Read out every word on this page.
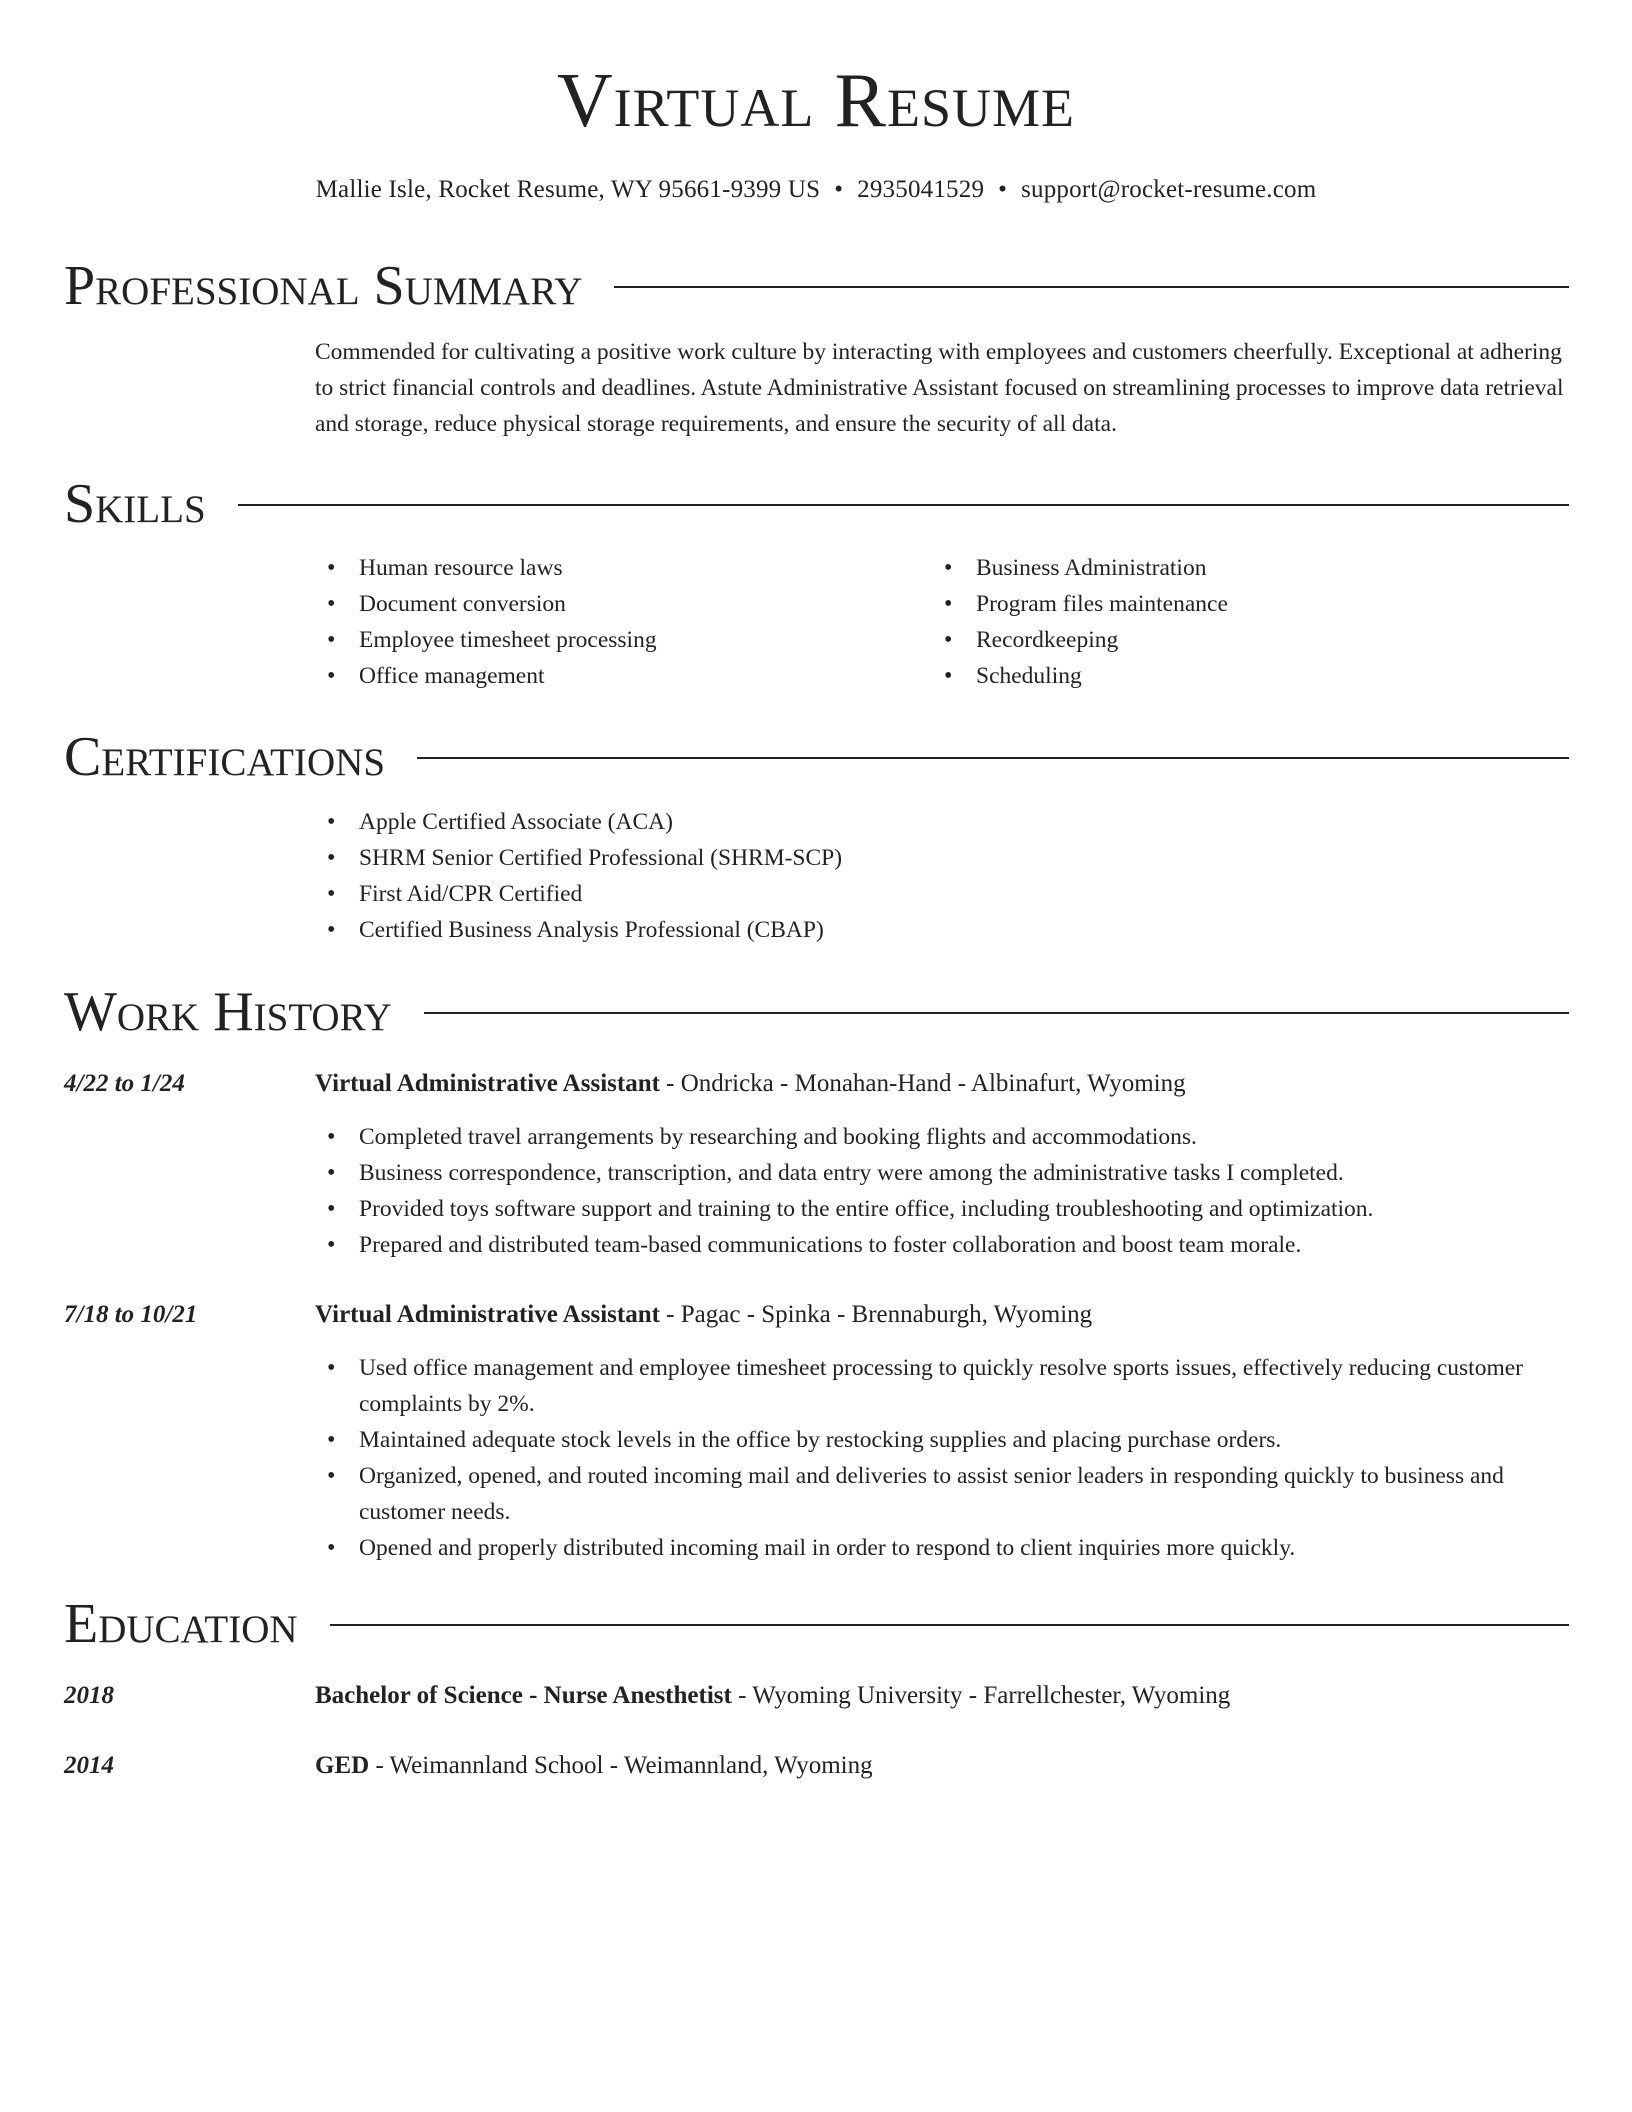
Virtual Resume
Mallie Isle, Rocket Resume, WY 95661-9399 US • 2935041529 • support@rocket-resume.com
Professional Summary
Commended for cultivating a positive work culture by interacting with employees and customers cheerfully. Exceptional at adhering to strict financial controls and deadlines. Astute Administrative Assistant focused on streamlining processes to improve data retrieval and storage, reduce physical storage requirements, and ensure the security of all data.
Skills
• Human resource laws
• Document conversion
• Employee timesheet processing
• Office management
• Business Administration
• Program files maintenance
• Recordkeeping
• Scheduling
Certifications
• Apple Certified Associate (ACA)
• SHRM Senior Certified Professional (SHRM-SCP)
• First Aid/CPR Certified
• Certified Business Analysis Professional (CBAP)
Work History
4/22 to 1/24	Virtual Administrative Assistant - Ondricka - Monahan-Hand - Albinafurt, Wyoming
• Completed travel arrangements by researching and booking flights and accommodations.
• Business correspondence, transcription, and data entry were among the administrative tasks I completed.
• Provided toys software support and training to the entire office, including troubleshooting and optimization.
• Prepared and distributed team-based communications to foster collaboration and boost team morale.
7/18 to 10/21	Virtual Administrative Assistant - Pagac - Spinka - Brennaburgh, Wyoming
• Used office management and employee timesheet processing to quickly resolve sports issues, effectively reducing customer complaints by 2%.
• Maintained adequate stock levels in the office by restocking supplies and placing purchase orders.
• Organized, opened, and routed incoming mail and deliveries to assist senior leaders in responding quickly to business and customer needs.
• Opened and properly distributed incoming mail in order to respond to client inquiries more quickly.
Education
2018	Bachelor of Science - Nurse Anesthetist - Wyoming University - Farrellchester, Wyoming
2014	GED - Weimannland School - Weimannland, Wyoming
